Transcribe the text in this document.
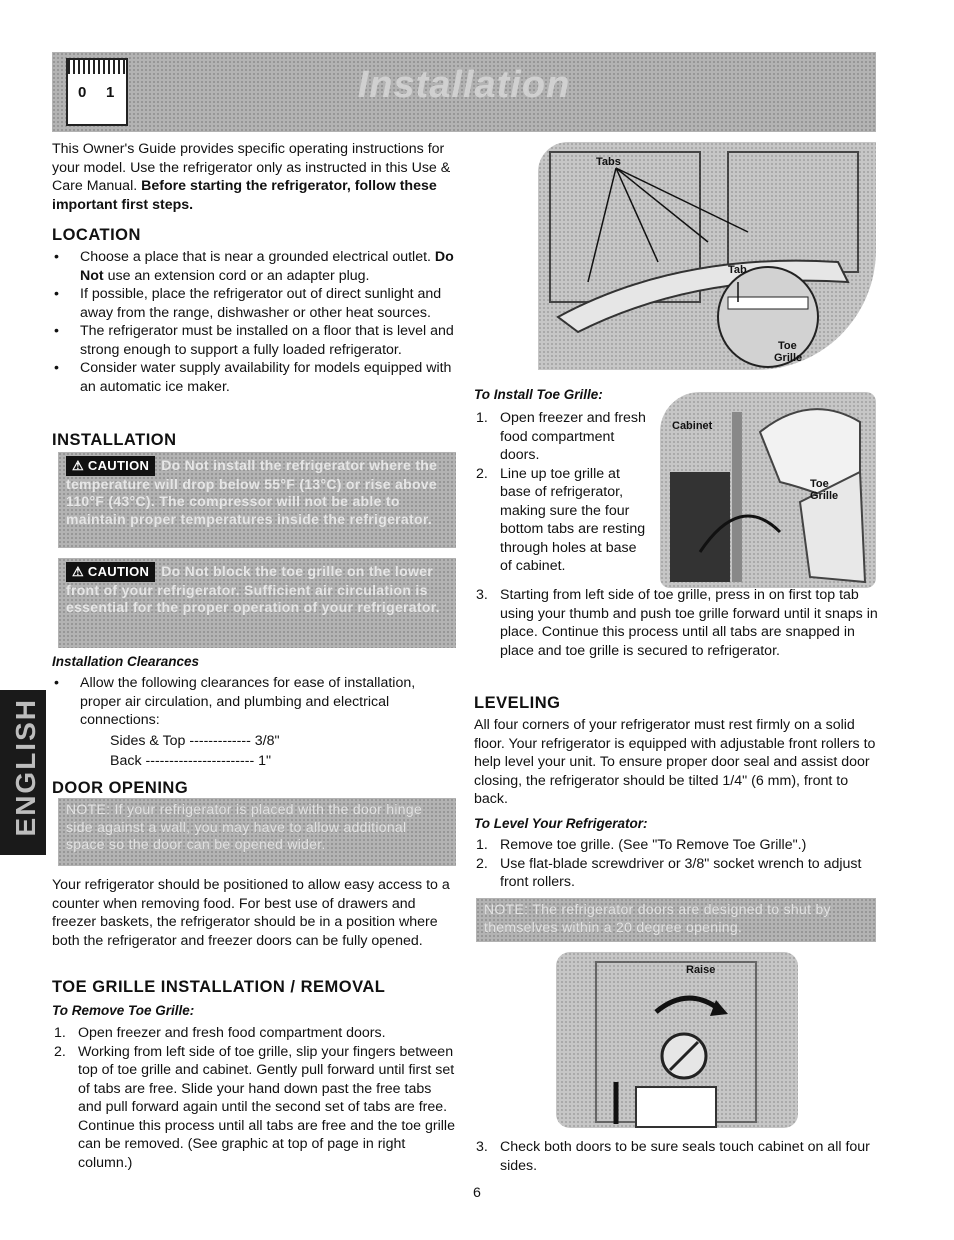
0 1	Installation
ENGLISH
This Owner's Guide provides specific operating instructions for your model. Use the refrigerator only as instructed in this Use & Care Manual. Before starting the refrigerator, follow these important first steps.
LOCATION
• Choose a place that is near a grounded electrical outlet. Do Not use an extension cord or an adapter plug.
• If possible, place the refrigerator out of direct sunlight and away from the range, dishwasher or other heat sources.
• The refrigerator must be installed on a floor that is level and strong enough to support a fully loaded refrigerator.
• Consider water supply availability for models equipped with an automatic ice maker.
INSTALLATION
⚠ CAUTION Do Not install the refrigerator where the temperature will drop below 55°F (13°C) or rise above 110°F (43°C). The compressor will not be able to maintain proper temperatures inside the refrigerator.
⚠ CAUTION Do Not block the toe grille on the lower front of your refrigerator. Sufficient air circulation is essential for the proper operation of your refrigerator.
Installation Clearances
• Allow the following clearances for ease of installation, proper air circulation, and plumbing and electrical connections:
Sides & Top ------------- 3/8"
Back ----------------------- 1"
DOOR OPENING
NOTE: If your refrigerator is placed with the door hinge side against a wall, you may have to allow additional space so the door can be opened wider.
Your refrigerator should be positioned to allow easy access to a counter when removing food. For best use of drawers and freezer baskets, the refrigerator should be in a position where both the refrigerator and freezer doors can be fully opened.
TOE GRILLE INSTALLATION / REMOVAL
To Remove Toe Grille:
1. Open freezer and fresh food compartment doors.
2. Working from left side of toe grille, slip your fingers between top of toe grille and cabinet. Gently pull forward until first set of tabs are free. Slide your hand down past the free tabs and pull forward again until the second set of tabs are free. Continue this process until all tabs are free and the toe grille can be removed. (See graphic at top of page in right column.)
Tabs
Tab
Toe
Grille
To Install Toe Grille:
1. Open freezer and fresh food compartment doors.
2. Line up toe grille at base of refrigerator, making sure the four bottom tabs are resting through holes at base of cabinet.
Cabinet
Toe
Grille
3. Starting from left side of toe grille, press in on first top tab using your thumb and push toe grille forward until it snaps in place. Continue this process until all tabs are snapped in place and toe grille is secured to refrigerator.
LEVELING
All four corners of your refrigerator must rest firmly on a solid floor. Your refrigerator is equipped with adjustable front rollers to help level your unit. To ensure proper door seal and assist door closing, the refrigerator should be tilted 1/4" (6 mm), front to back.
To Level Your Refrigerator:
1. Remove toe grille. (See "To Remove Toe Grille".)
2. Use flat-blade screwdriver or 3/8" socket wrench to adjust front rollers.
NOTE: The refrigerator doors are designed to shut by themselves within a 20 degree opening.
Raise
3. Check both doors to be sure seals touch cabinet on all four sides.
6
